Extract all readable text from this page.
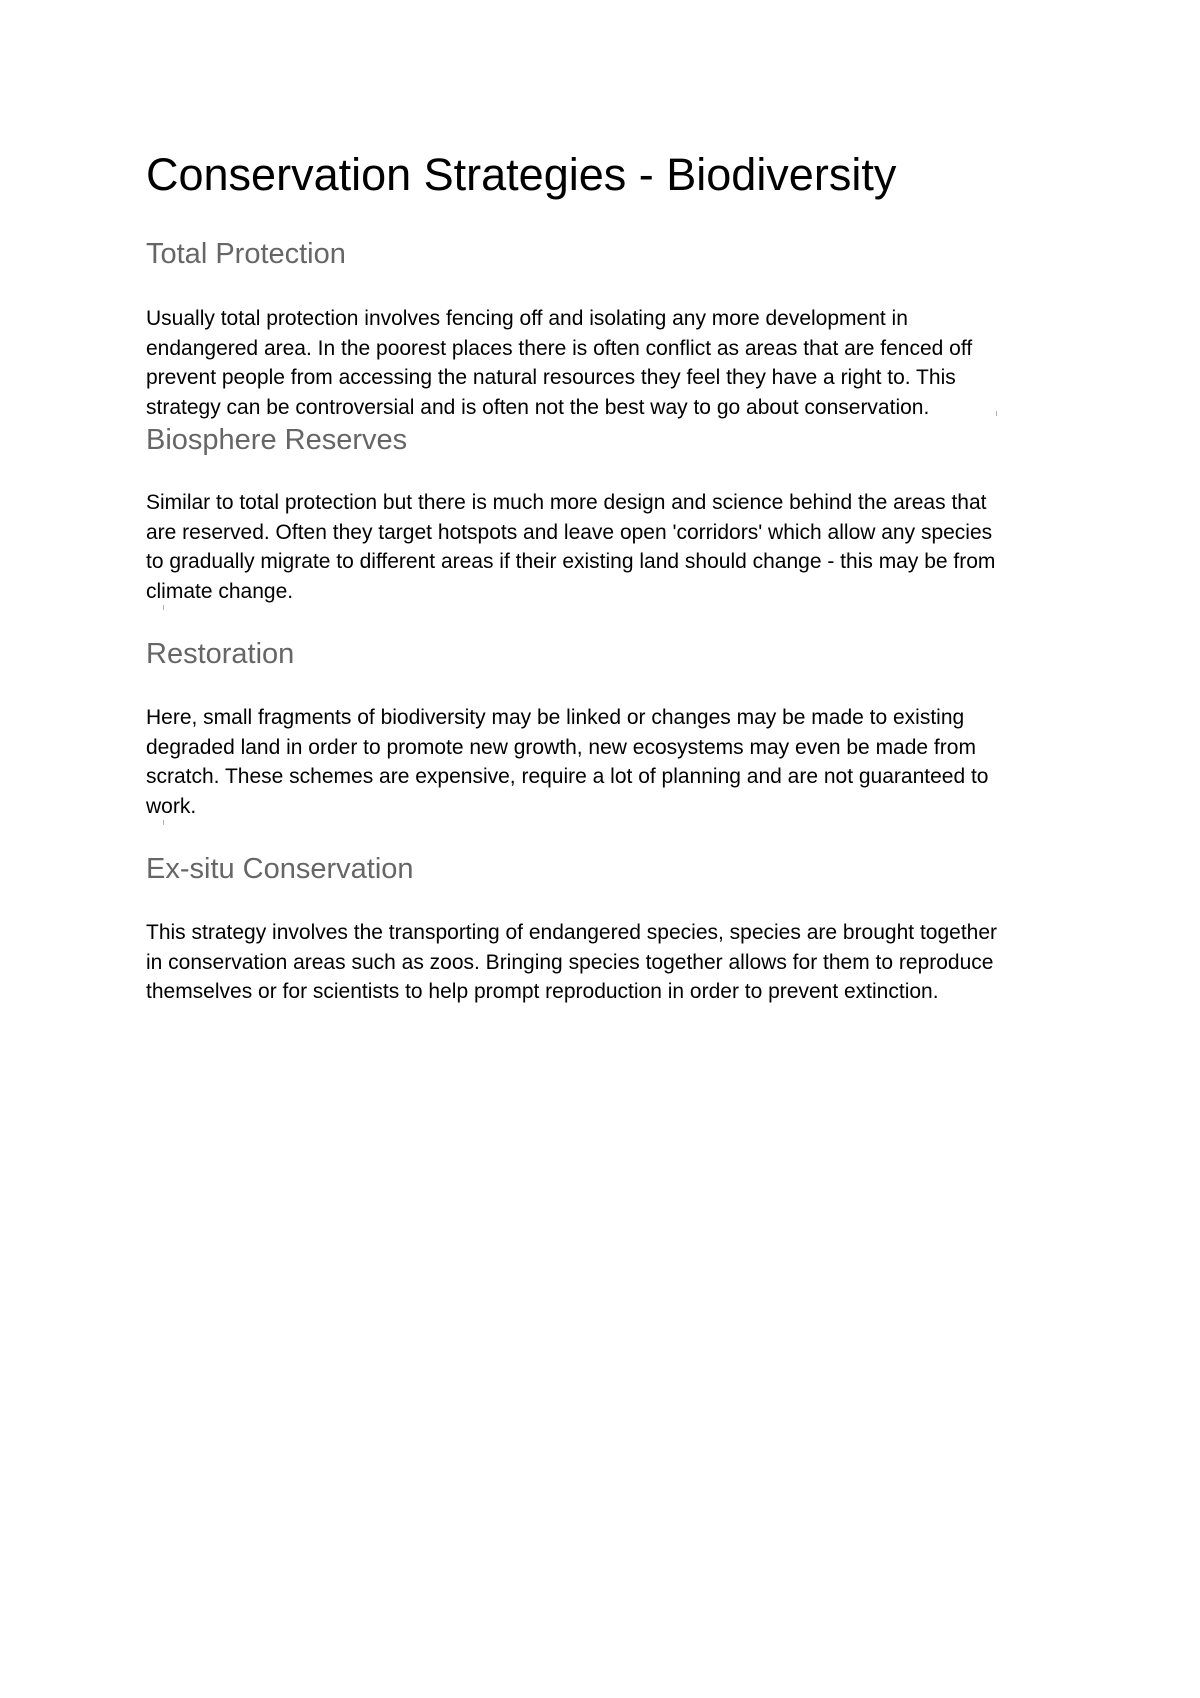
Conservation Strategies - Biodiversity
Total Protection

Usually total protection involves fencing off and isolating any more development in
endangered area. In the poorest places there is often conflict as areas that are fenced off
prevent people from accessing the natural resources they feel they have a right to. This
strategy can be controversial and is often not the best way to go about conservation.

Biosphere Reserves

Similar to total protection but there is much more design and science behind the areas that
are reserved. Often they target hotspots and leave open 'corridors' which allow any species
to gradually migrate to different areas if their existing land should change - this may be from
climate change.

Restoration

Here, small fragments of biodiversity may be linked or changes may be made to existing
degraded land in order to promote new growth, new ecosystems may even be made from
scratch. These schemes are expensive, require a lot of planning and are not guaranteed to
work.

Ex-situ Conservation

This strategy involves the transporting of endangered species, species are brought together
in conservation areas such as zoos. Bringing species together allows for them to reproduce
themselves or for scientists to help prompt reproduction in order to prevent extinction.
